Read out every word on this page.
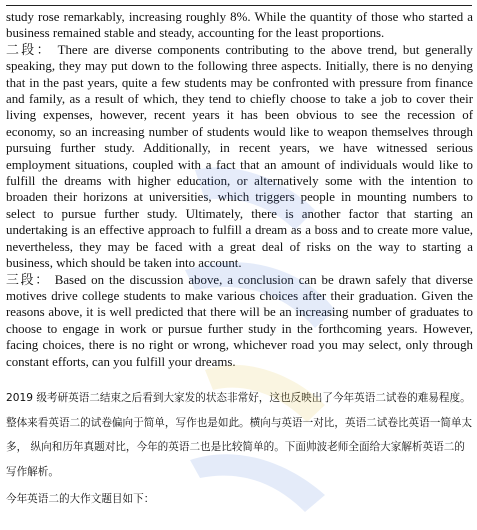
study rose remarkably, increasing roughly 8%. While the quantity of those who started a business remained stable and steady, accounting for the least proportions.

二段： There are diverse components contributing to the above trend, but generally speaking, they may put down to the following three aspects. Initially, there is no denying that in the past years, quite a few students may be confronted with pressure from finance and family, as a result of which, they tend to chiefly choose to take a job to cover their living expenses, however, recent years it has been obvious to see the recession of economy, so an increasing number of students would like to weapon themselves through pursuing further study. Additionally, in recent years, we have witnessed serious employment situations, coupled with a fact that an amount of individuals would like to fulfill the dreams with higher education, or alternatively some with the intention to broaden their horizons at universities, which triggers people in mounting numbers to select to pursue further study. Ultimately, there is another factor that starting an undertaking is an effective approach to fulfill a dream as a boss and to create more value, nevertheless, they may be faced with a great deal of risks on the way to starting a business, which should be taken into account.

三段： Based on the discussion above, a conclusion can be drawn safely that diverse motives drive college students to make various choices after their graduation. Given the reasons above, it is well predicted that there will be an increasing number of graduates to choose to engage in work or pursue further study in the forthcoming years. However, facing choices, there is no right or wrong, whichever road you may select, only through constant efforts, can you fulfill your dreams.

2019 级考研英语二结束之后看到大家发的状态非常好，这也反映出了今年英语二试卷的难易程度。整体来看英语二的试卷偏向于简单，写作也是如此。横向与英语一对比，英语二试卷比英语一简单太多， 纵向和历年真题对比，今年的英语二也是比较简单的。下面帅波老师全面给大家解析英语二的写作解析。

今年英语二的大作文题目如下：
